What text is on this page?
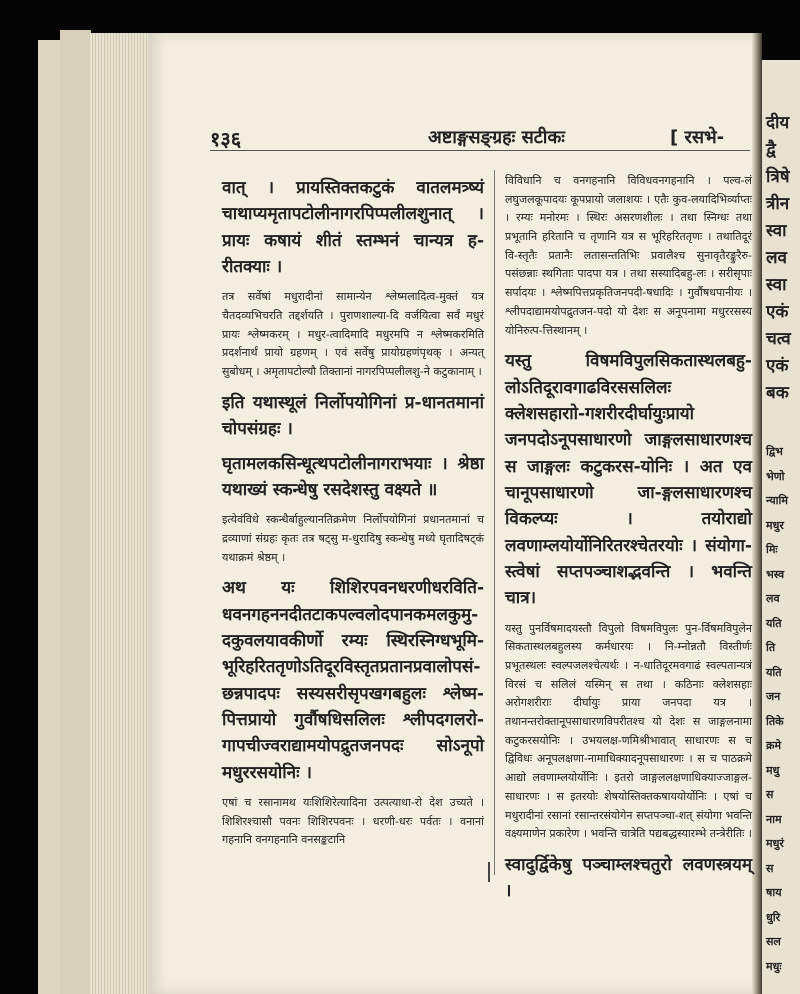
दीय
द्वै
त्रिषे
त्रीन
स्वा
लव
स्वा
एकं
चत्व
एकं
बक
द्विभ
भेणो
न्यामि
मधुर
मिः
भस्व
लव
यति
ति
यति
जन
तिके
क्रमे
मधु
स
नाम
मधुरं
स
षाय
धुरि
सल
मधुः
१३६	अष्टाङ्गसङ्ग्रहः सटीकः	[ रसभे-

वात् । प्रायस्तिक्तकटुकं वातलमत्र्ष्यं चाथाप्यमृतापटोलीनागरपिप्पलीलशुनात् । प्रायः कषायं शीतं स्तम्भनं चान्यत्र ह-रीतक्याः ।

तत्र सर्वेषां मधुरादीनां सामान्येन श्लेष्मलादित्व-मुक्तं यत्र चैतदव्यभिचरति तद्दर्शयति । पुराणशाल्या-दि वर्जयित्वा सर्वं मधुरं प्रायः श्लेष्मकरम् । मधुर-त्वादिमादि मधुरमपि न श्लेष्मकरमिति प्रदर्शनार्थं प्रायो ग्रहणम् । एवं सर्वेषु प्रायोग्रहणंपृथक् । अन्यत् सुबोधम् । अमृतापटोल्यौ तिक्तानां नागरपिप्पलीलशु-ने कटुकानाम् ।

इति यथास्थूलं निर्लोपयोगिनां प्र-धानतमानां चोपसंग्रहः ।

घृतामलकसिन्धूत्थपटोलीनागराभयाः । श्रेष्ठा यथाख्यं स्कन्धेषु रसदेशस्तु वक्ष्यते ॥

इत्येवंविधे स्कन्धैर्बाहुल्यानतिक्रमेण निर्लोपयोगिनां प्रधानतमानां च द्रव्याणां संग्रहः कृतः तत्र षट्सु म-धुरादिषु स्कन्धेषु मध्ये घृतादिषट्कं यथाक्रमं श्रेष्ठम् ।

अथ यः शिशिरपवनधरणीधरविति-धवनगहननदीतटाकपल्वलोदपानकमलकुमु-दकुवलयावकीर्णो रम्यः स्थिरस्निग्धभूमि-भूरिहरिततृणोऽतिदूरविस्तृतप्रतानप्रवालोपसं-छन्नपादपः सस्यसरीसृपखगबहुलः श्लेष्म-पित्तप्रायो गुर्वौषधिसलिलः श्लीपदगलरो-गापचीज्वराद्यामयोपद्रुतजनपदः सोऽनूपो मधुररसयोनिः ।

एषां च रसानामथ यःशिशिरेत्यादिना उत्पत्याधा-रो देश उच्यते । शिशिरश्चासौ पवनः शिशिरपवनः । धरणी-धरः पर्वतः । वनानां गहनानि वनगहनानि वनसङ्कटानि

विविधानि च वनगहनानि विविधवनगहनानि । पल्व-लं लघुजलकूपादयः कूपप्रायो जलाशयः । एतैः कुव-लयादिभिर्व्याप्तः । रम्यः मनोरमः । स्थिरः असरणशीलः । तथा स्निग्धः तथा प्रभूतानि हरितानि च तृणानि यत्र स भूरिहरिततृणः । तथातिदूरं वि-स्तृतैः प्रतानैः लतासन्ततिभिः प्रवालैश्च सुनावृतैरङ्कुरैरु-पसंछन्नाः स्थगिताः पादपा यत्र । तथा सस्यादिबहु-लः । सरीसृपाः सर्पादयः । श्लेष्मपित्तप्रकृतिजनपदी-षधादिः । गुर्वौषधपानीयः । श्लीपदाद्यामयोपद्रुतजन-पदो यो देशः स अनूपनामा मधुररसस्य योनिरुत्प-त्तिस्थानम् ।

यस्तु विषमविपुलसिकतास्थलबहु-लोऽतिदूरावगाढविरससलिलः क्लेशसहाराो-गशरीरदीर्घायुःप्रायो जनपदोऽनूपसाधारणो जाङ्गलसाधारणश्च स जाङ्गलः कटुकरस-योनिः । अत एव चानूपसाधारणो जा-ङ्गलसाधारणश्च विकल्प्यः । तयोराद्यो लवणाम्लयोर्योनिरितरश्चेतरयोः । संयोगा-स्त्वेषां सप्तपञ्चाशद्भवन्ति । भवन्ति चात्र।

यस्तु पुनर्विषमादयस्तौ विपुलो विषमविपुलः पुन-र्विषमविपुलेन सिकतास्थलबहुलस्य कर्मधारयः । नि-म्नोन्नतौ विस्तीर्णः प्रभूतस्थलः स्वल्पजलश्चेत्यर्थः । न-धातिदूरमवगाढं स्वल्पतान्यत्रं विरसं च सलिलं यस्मिन् स तथा । कठिनाः क्लेशसहाः अरोगशरीराः दीर्घायुः प्राया जनपदा यत्र । तथानन्तरोक्तानूपसाधारणविपरीतश्च यो देशः स जाङ्गलनामा कटुकरसयोनिः । उभयलक्ष-णमिश्रीभावात् साधारणः स च द्विविधः अनूपलक्षणा-नामाधिक्यादनूपसाधारणः । स च पाठक्रमे आद्यो लवणाम्लयोर्योनिः । इतरो जाङ्गललक्षणाधिक्याज्जाङ्गल-साधारणः । स इतरयोः शेषयोस्तिक्तकषाययोर्योनिः । एषां च मधुरादीनां रसानां रसान्तरसंयोगेन सप्तपञ्चा-शत् संयोगा भवन्ति वक्ष्यमाणेन प्रकारेण । भवन्ति चात्रेति पद्यबद्धस्यारम्भे तन्त्रेरीतिः ।

स्वादुर्द्विकेषु पञ्चाम्लश्चतुरो लवणस्त्रयम् ।
